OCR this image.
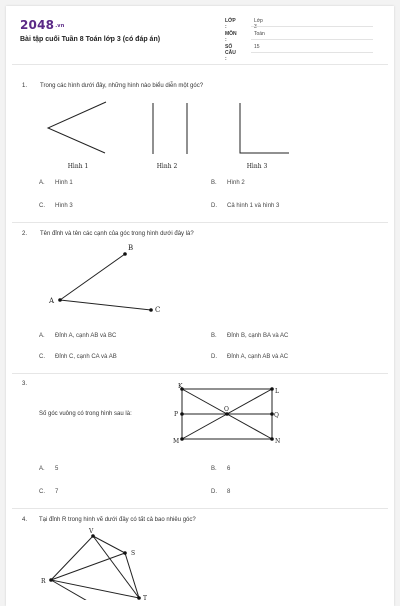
2048.vn
Bài tập cuối Tuần 8 Toán lớp 3 (có đáp án)
LỚP :
Lớp 3
MÔN :
Toán
SỐ CÂU :
15
1. Trong các hình dưới đây, những hình nào biểu diễn một góc?
Hình 1	Hình 2	Hình 3
A. Hình 1	B. Hình 2
C. Hình 3	D. Cả hình 1 và hình 3
2. Tên đỉnh và tên các cạnh của góc trong hình dưới đây là?
A
B
C
A. Đỉnh A, cạnh AB và BC	B. Đỉnh B, cạnh BA và AC
C. Đỉnh C, cạnh CA và AB	D. Đỉnh A, cạnh AB và AC
3.
Số góc vuông có trong hình sau là:
K
L
P
O
Q
M	N
A. 5	B. 6
C. 7	D. 8
4. Tại đỉnh R trong hình vẽ dưới đây có tất cả bao nhiêu góc?
V
S
R
T
